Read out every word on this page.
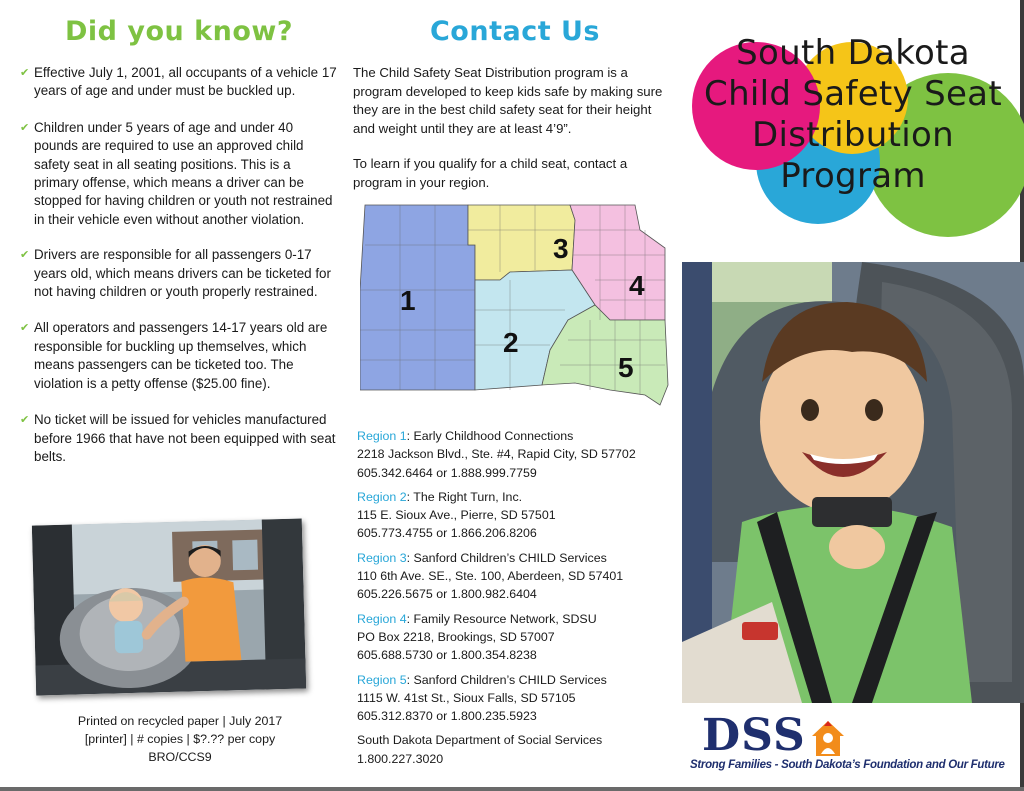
Did you know?
✔ Effective July 1, 2001, all occupants of a vehicle 17 years of age and under must be buckled up.
✔ Children under 5 years of age and under 40 pounds are required to use an approved child safety seat in all seating positions. This is a primary offense, which means a driver can be stopped for having children or youth not restrained in their vehicle even without another violation.
✔ Drivers are responsible for all passengers 0-17 years old, which means drivers can be ticketed for not having children or youth properly restrained.
✔ All operators and passengers 14-17 years old are responsible for buckling up themselves, which means passengers can be ticketed too. The violation is a petty offense ($25.00 fine).
✔ No ticket will be issued for vehicles manufactured before 1966 that have not been equipped with seat belts.
Printed on recycled paper | July 2017
[printer] | # copies | $?.?? per copy
BRO/CCS9
Contact Us

The Child Safety Seat Distribution program is a program developed to keep kids safe by making sure they are in the best child safety seat for their height and weight until they are at least 4’9”.

To learn if you qualify for a child seat, contact a program in your region.

1
2
3
4
5
Region 1: Early Childhood Connections
2218 Jackson Blvd., Ste. #4, Rapid City, SD 57702
605.342.6464 or 1.888.999.7759
Region 2: The Right Turn, Inc.
115 E. Sioux Ave., Pierre, SD 57501
605.773.4755 or 1.866.206.8206
Region 3: Sanford Children’s CHILD Services
110 6th Ave. SE., Ste. 100, Aberdeen, SD 57401
605.226.5675 or 1.800.982.6404
Region 4: Family Resource Network, SDSU
PO Box 2218, Brookings, SD 57007
605.688.5730 or 1.800.354.8238
Region 5: Sanford Children’s CHILD Services
1115 W. 41st St., Sioux Falls, SD 57105
605.312.8370 or 1.800.235.5923
South Dakota Department of Social Services
1.800.227.3020
South Dakota
Child Safety Seat
Distribution
Program
DSS
Strong Families - South Dakota’s Foundation and Our Future
